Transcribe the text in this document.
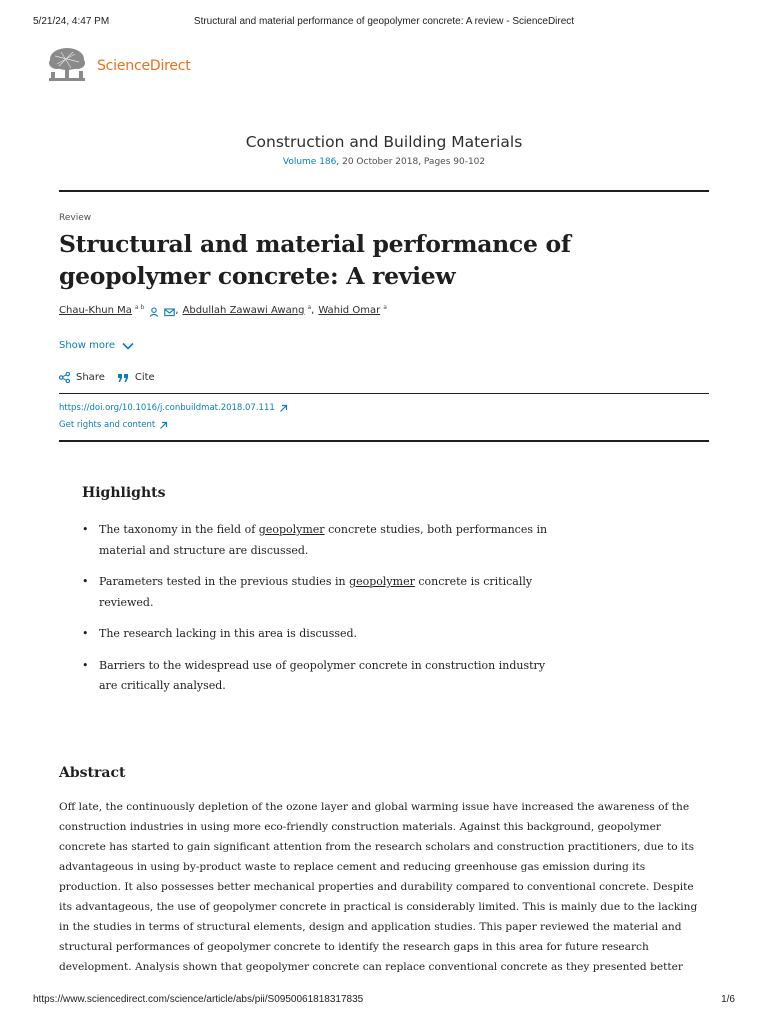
5/21/24, 4:47 PM	Structural and material performance of geopolymer concrete: A review - ScienceDirect
ScienceDirect
Construction and Building Materials
Volume 186, 20 October 2018, Pages 90-102
Review
Structural and material performance of geopolymer concrete: A review
Chau-Khun Ma $^{a b}$	, Abdullah Zawawi Awang $^a$ , Wahid Omar $^a$
Show more
Share	Cite
https://doi.org/10.1016/j.conbuildmat.2018.07.111
Get rights and content
Highlights
• The taxonomy in the field of geopolymer concrete studies, both performances in material and structure are discussed.
• Parameters tested in the previous studies in geopolymer concrete is critically reviewed.
• The research lacking in this area is discussed.
• Barriers to the widespread use of geopolymer concrete in construction industry are critically analysed.
Abstract

Off late, the continuously depletion of the ozone layer and global warming issue have increased the awareness of the construction industries in using more eco-friendly construction materials. Against this background, geopolymer concrete has started to gain significant attention from the research scholars and construction practitioners, due to its advantageous in using by-product waste to replace cement and reducing greenhouse gas emission during its production. It also possesses better mechanical properties and durability compared to conventional concrete. Despite its advantageous, the use of geopolymer concrete in practical is considerably limited. This is mainly due to the lacking in the studies in terms of structural elements, design and application studies. This paper reviewed the material and structural performances of geopolymer concrete to identify the research gaps in this area for future research development. Analysis shown that geopolymer concrete can replace conventional concrete as they presented better

https://www.sciencedirect.com/science/article/abs/pii/S0950061818317835	1/6
